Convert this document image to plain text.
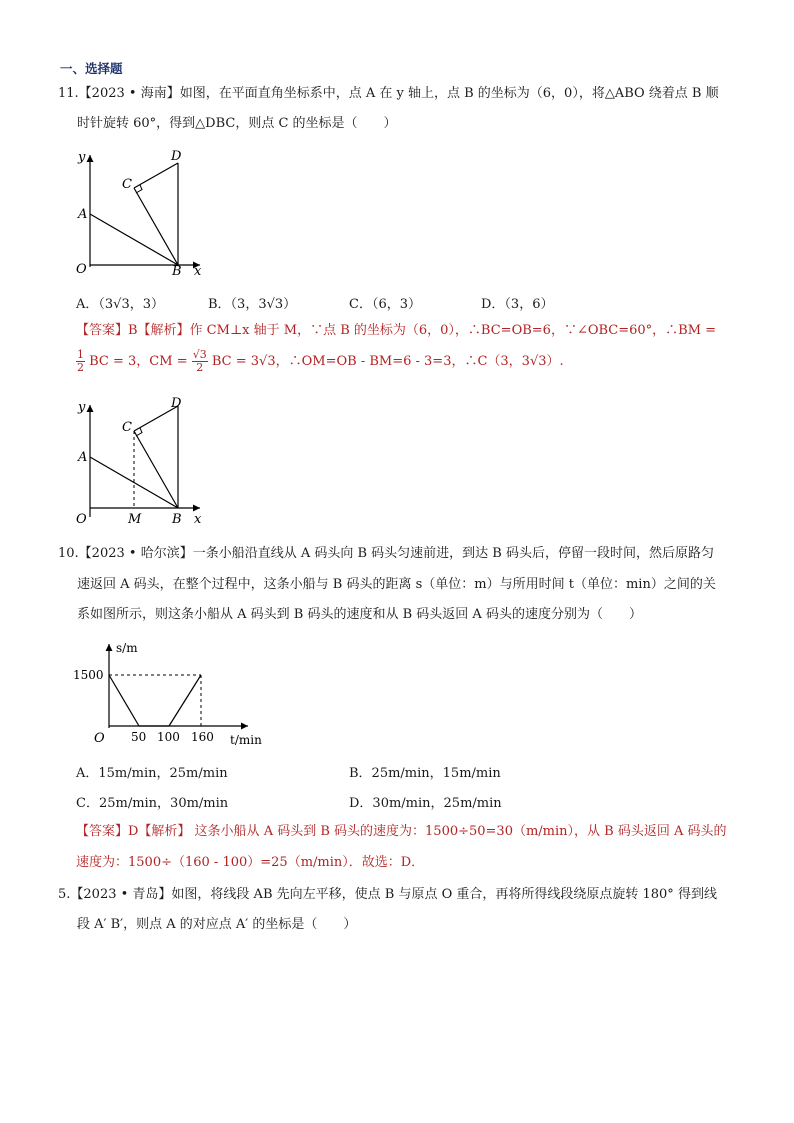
一、选择题
11.【2023 • 海南】如图，在平面直角坐标系中，点 A 在 y 轴上，点 B 的坐标为（6，0），将△ABO 绕着点 B 顺
时针旋转 60°，得到△DBC，则点 C 的坐标是（　　）
y
A
O	B x
C
D
A．（3√3，3）	B．（3，3√3）	C．（6，3）	D．（3，6）
【答案】B【解析】作 CM⊥x 轴于 M，∵点 B 的坐标为（6，0），∴BC=OB=6，∵∠OBC=60°，∴BM =
$\frac{1}{2}$ BC = 3，CM = $\frac{√3}{2}$ BC = 3√3，∴OM=OB - BM=6 - 3=3，∴C（3，3√3）.
y
A
O	M B x
C
D
10.【2023 • 哈尔滨】一条小船沿直线从 A 码头向 B 码头匀速前进，到达 B 码头后，停留一段时间，然后原路匀
速返回 A 码头，在整个过程中，这条小船与 B 码头的距离 s（单位：m）与所用时间 t（单位：min）之间的关
系如图所示，则这条小船从 A 码头到 B 码头的速度和从 B 码头返回 A 码头的速度分别为（　　）
s/m
1500
O 50 100 160 t/min
A．15m/min，25m/min	B．25m/min，15m/min
C．25m/min，30m/min	D．30m/min，25m/min
【答案】D【解析】 这条小船从 A 码头到 B 码头的速度为：1500÷50=30（m/min），从 B 码头返回 A 码头的
速度为：1500÷（160 - 100）=25（m/min）．故选：D．
5.【2023 • 青岛】如图，将线段 AB 先向左平移，使点 B 与原点 O 重合，再将所得线段绕原点旋转 180° 得到线
段 A′ B′，则点 A 的对应点 A′ 的坐标是（　　）
